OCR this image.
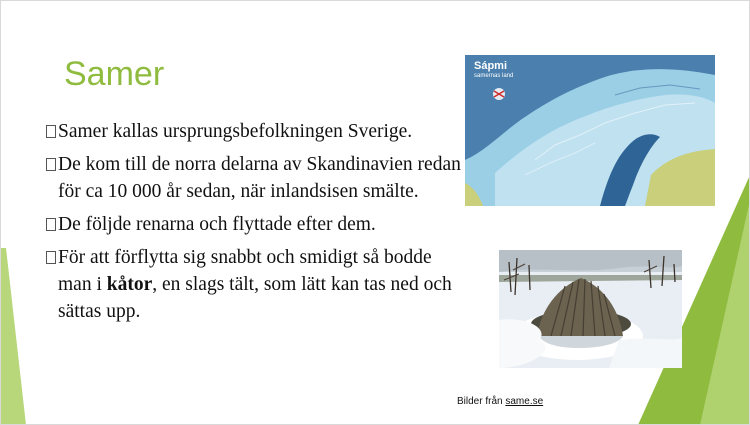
Samer
Samer kallas ursprungsbefolkningen Sverige.
De kom till de norra delarna av Skandinavien redan för ca 10 000 år sedan, när inlandsisen smälte.
De följde renarna och flyttade efter dem.
För att förflytta sig snabbt och smidigt så bodde man i kåtor, en slags tält, som lätt kan tas ned och sättas upp.
Sápmi
samernas land
Bilder från same.se
